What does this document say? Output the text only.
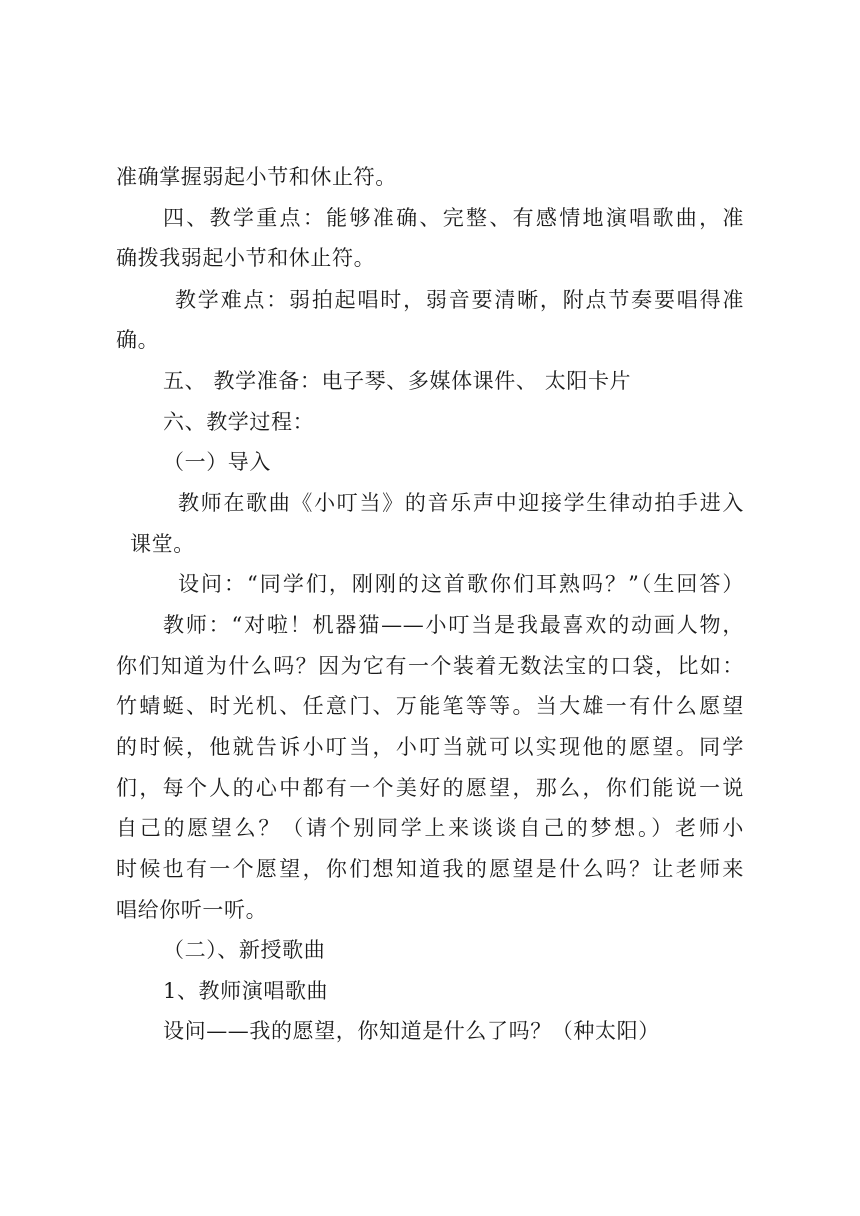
准确掌握弱起小节和休止符。
四、教学重点：能够准确、完整、有感情地演唱歌曲，准
确拨我弱起小节和休止符。
教学难点：弱拍起唱时，弱音要清晰，附点节奏要唱得准
确。
五、 教学准备：电子琴、多媒体课件、 太阳卡片
六、教学过程：
（一）导入
教师在歌曲《小叮当》的音乐声中迎接学生律动拍手进入
课堂。
设问：“同学们，刚刚的这首歌你们耳熟吗？”（生回答）
教师：“对啦！机器猫——小叮当是我最喜欢的动画人物，
你们知道为什么吗？因为它有一个装着无数法宝的口袋，比如：
竹蜻蜓、时光机、任意门、万能笔等等。当大雄一有什么愿望
的时候，他就告诉小叮当，小叮当就可以实现他的愿望。同学
们，每个人的心中都有一个美好的愿望，那么，你们能说一说
自己的愿望么？（请个别同学上来谈谈自己的梦想。）老师小
时候也有一个愿望，你们想知道我的愿望是什么吗？让老师来
唱给你听一听。
（二）、新授歌曲
1、教师演唱歌曲
设问——我的愿望，你知道是什么了吗？（种太阳）
